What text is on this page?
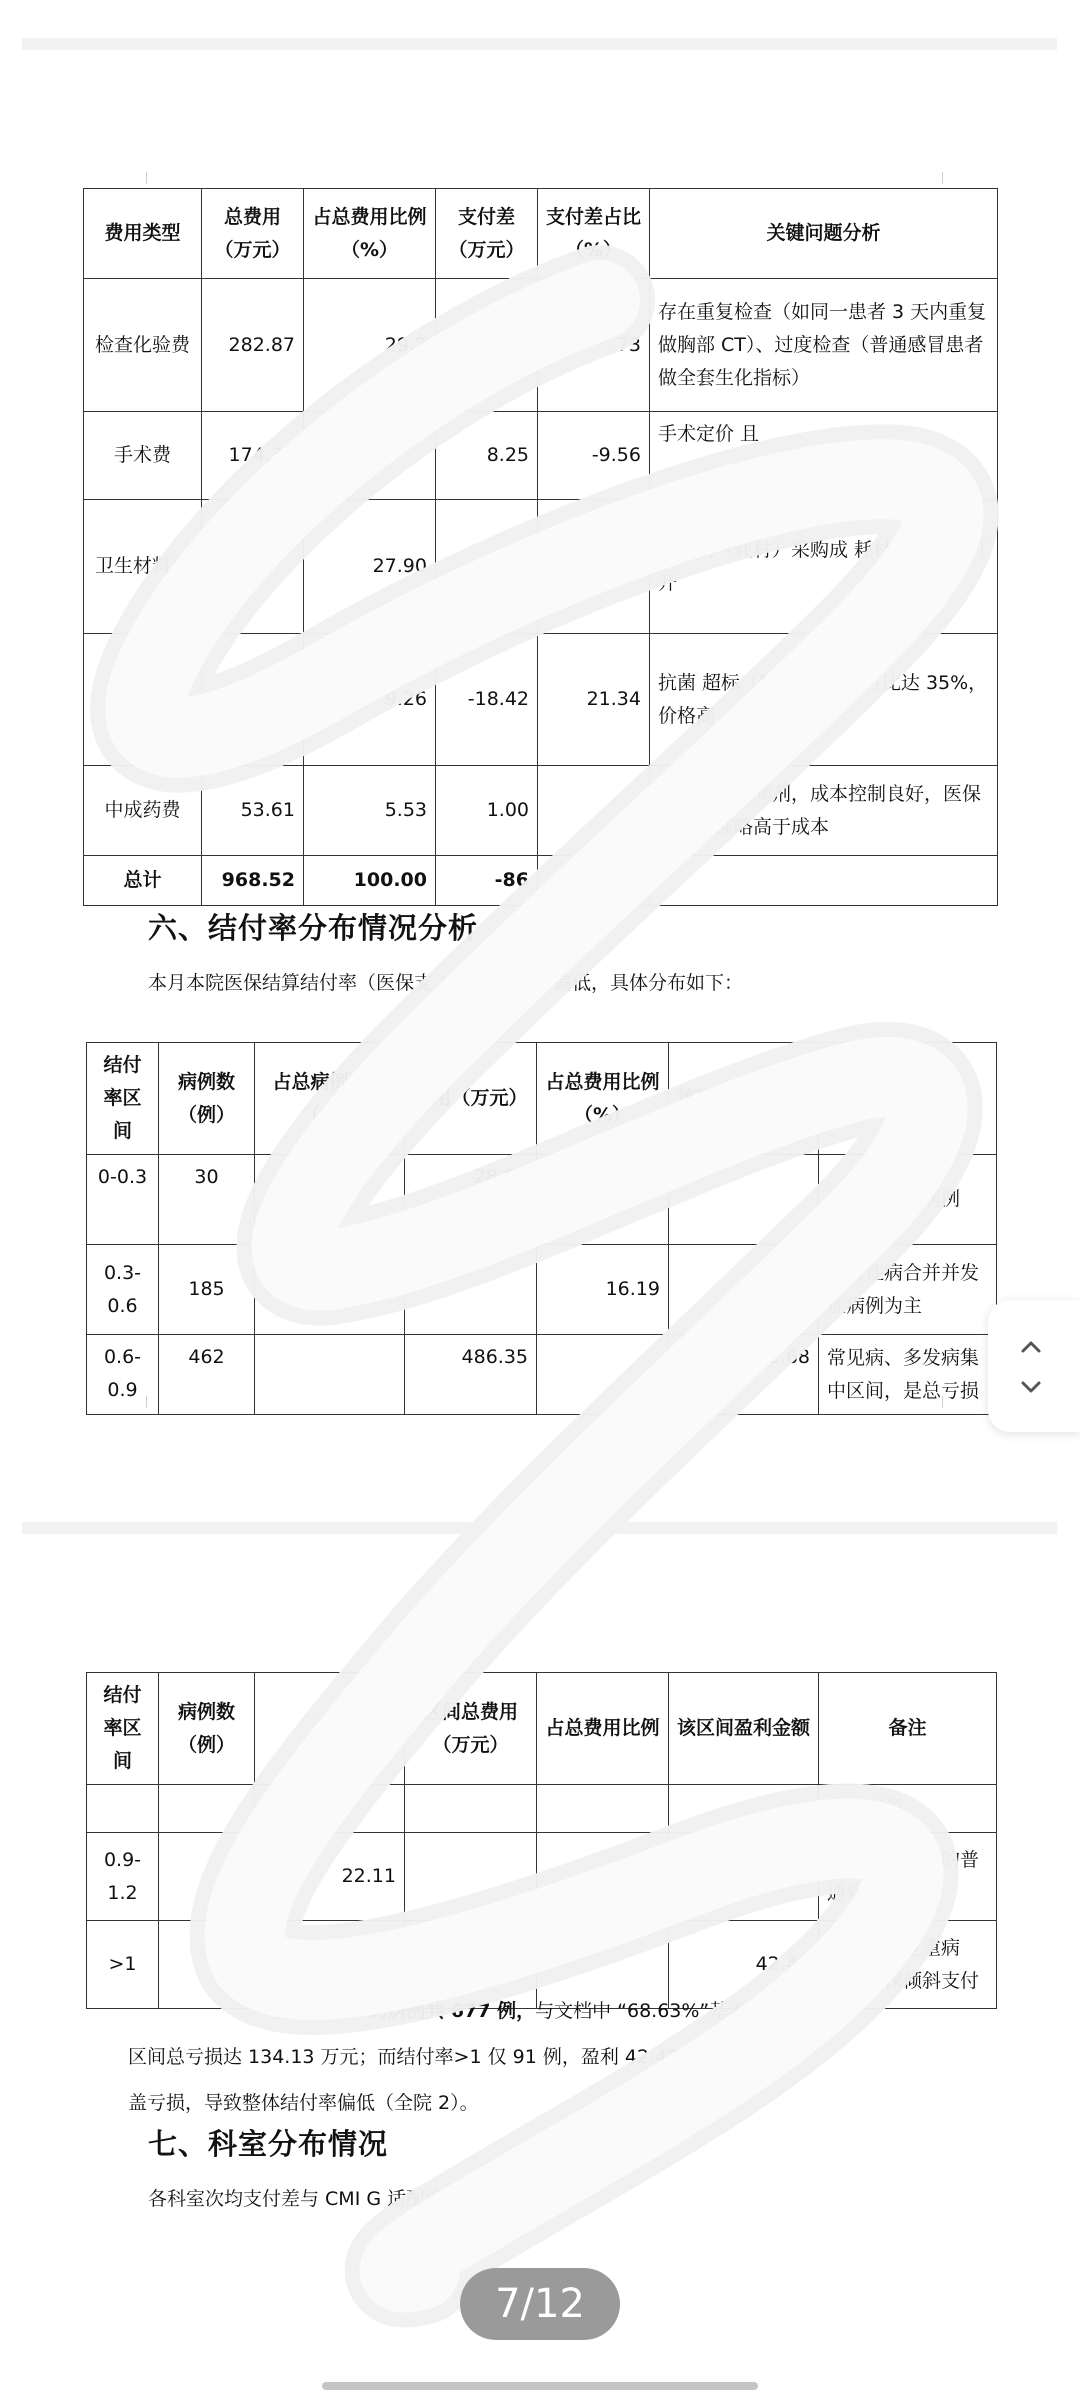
费用类型	总费用（万元）	占总费用比例（%）	支付差（万元）	支付差占比（%）	关键问题分析
检查化验费	282.87	29.2		.73	存在重复检查（如同一患者 3 天内重复做胸部 CT）、过度检查（普通感冒患者做全套生化指标）
手术费	174.33		8.25	-9.56	手术定价 且
卫生材料费		27.90			架辅助（耗材）采购成 耗材浪费（如打开
西		9.26	-18.42	21.34	抗菌 超标（DDDs 值 药占比达 35%，价格高
中成药费	53.61	5.53	1.00		药多为院内制剂，成本控制良好，医保支付标准略高于成本
总计	968.52	100.00	-86		-
六、结付率分布情况分析
本月本院医保结算结付率（医保支 疗费用）整体偏低，具体分布如下：
结付率区间	病例数（例）	占总病例数比（%）	费用（万元）	占总费用比例（%）	该区间盈利金额	备注
0-0.3	30		28.65			率病例或误病例
0.3-0.6	185			16.19		以慢性病合并并发症病例为主
0.6-0.9	462		486.35		-42.68	常见病、多发病集中区间，是总亏损
结付率区间	病例数（例）	占总	区间总费用（万元）	占总费用比例	该区间盈利金额	备注
						主要来源
0.9-1.2		22.11		24.	35.82	费用控制较好的普通病例
>1			61.02		42.43	多为疑难危重病例，医保倾斜支付
付率<0.9 的病例共 677 例，与文档中 “68.63%”基本一致。该
区间总亏损达 134.13 万元；而结付率>1 仅 91 例，盈利 42.43 万
盖亏损，导致整体结付率偏低（全院 2）。
七、科室分布情况
各科室次均支付差与 CMI G 适配度的不同：
7/12
